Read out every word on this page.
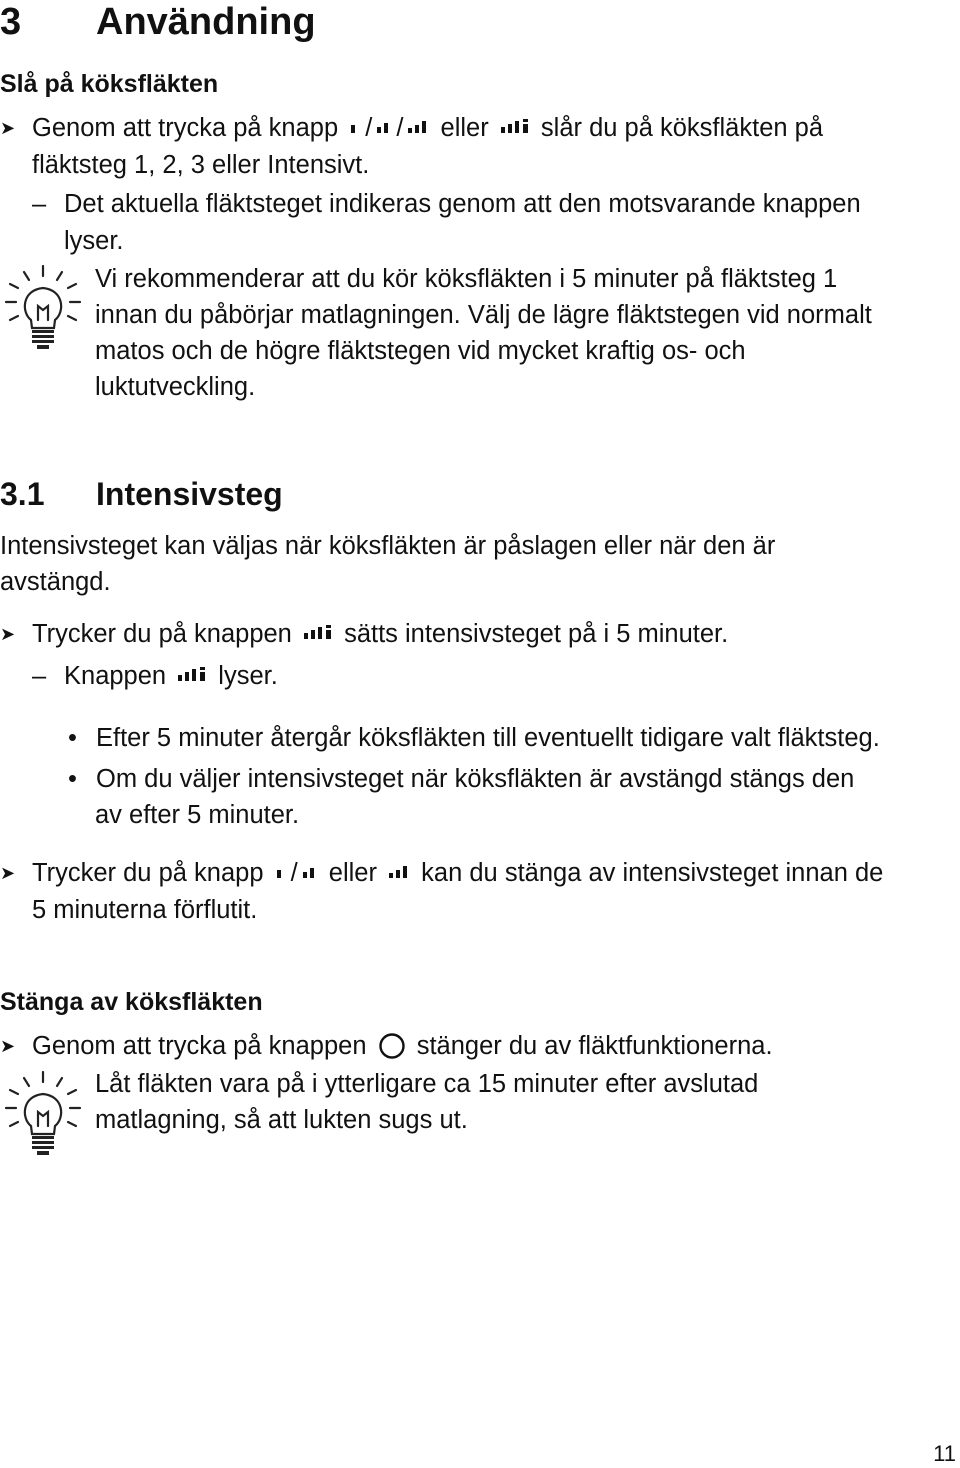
3 Användning
Slå på köksfläkten
➤ Genom att trycka på knapp / / eller slår du på köksfläkten på
fläktsteg 1, 2, 3 eller Intensivt.
– Det aktuella fläktsteget indikeras genom att den motsvarande knappen
lyser.
Vi rekommenderar att du kör köksfläkten i 5 minuter på fläktsteg 1
innan du påbörjar matlagningen. Välj de lägre fläktstegen vid normalt
matos och de högre fläktstegen vid mycket kraftig os- och
luktutveckling.
3.1 Intensivsteg
Intensivsteget kan väljas när köksfläkten är påslagen eller när den är
avstängd.
➤ Trycker du på knappen sätts intensivsteget på i 5 minuter.
– Knappen lyser.
• Efter 5 minuter återgår köksfläkten till eventuellt tidigare valt fläktsteg.
• Om du väljer intensivsteget när köksfläkten är avstängd stängs den
av efter 5 minuter.
➤ Trycker du på knapp / eller kan du stänga av intensivsteget innan de
5 minuterna förflutit.
Stänga av köksfläkten
➤ Genom att trycka på knappen stänger du av fläktfunktionerna.
Låt fläkten vara på i ytterligare ca 15 minuter efter avslutad
matlagning, så att lukten sugs ut.
11
